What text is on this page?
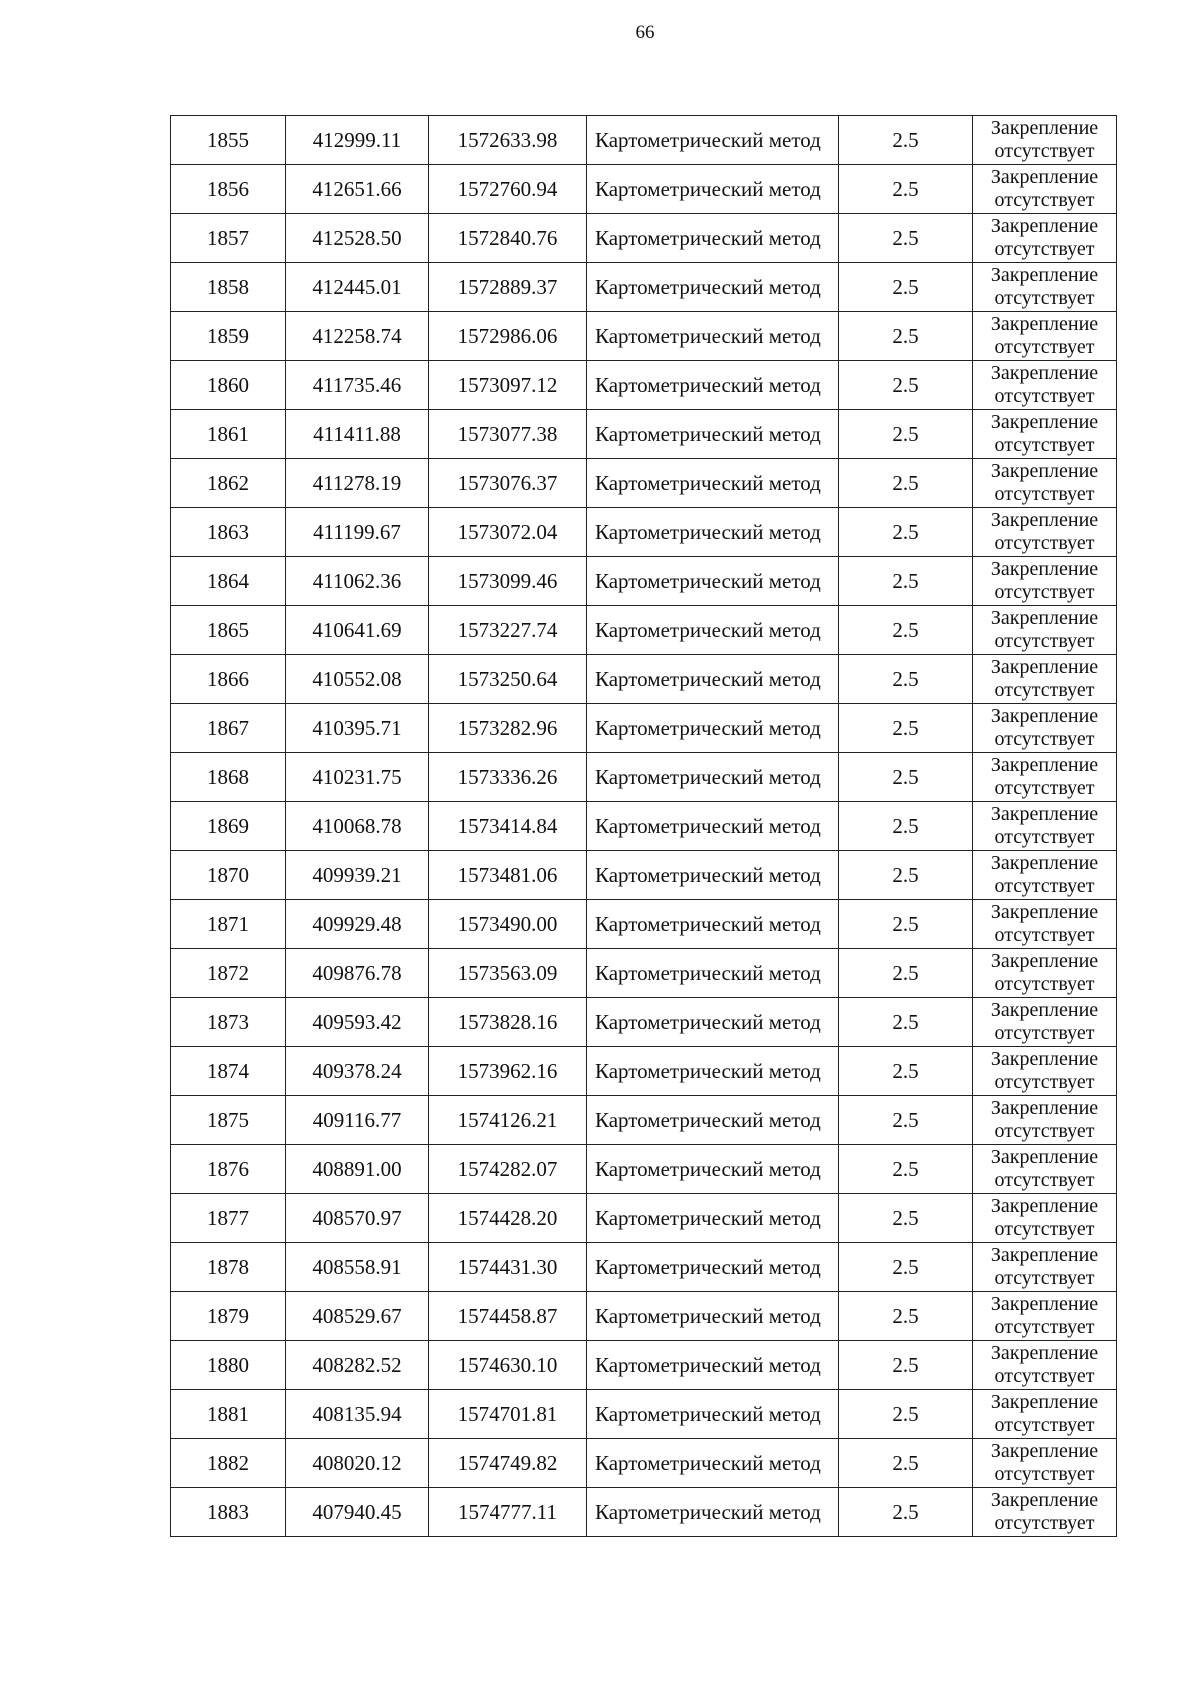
66
1855	412999.11	1572633.98	Картометрический метод	2.5	Закрепление
отсутствует
1856	412651.66	1572760.94	Картометрический метод	2.5	Закрепление
отсутствует
1857	412528.50	1572840.76	Картометрический метод	2.5	Закрепление
отсутствует
1858	412445.01	1572889.37	Картометрический метод	2.5	Закрепление
отсутствует
1859	412258.74	1572986.06	Картометрический метод	2.5	Закрепление
отсутствует
1860	411735.46	1573097.12	Картометрический метод	2.5	Закрепление
отсутствует
1861	411411.88	1573077.38	Картометрический метод	2.5	Закрепление
отсутствует
1862	411278.19	1573076.37	Картометрический метод	2.5	Закрепление
отсутствует
1863	411199.67	1573072.04	Картометрический метод	2.5	Закрепление
отсутствует
1864	411062.36	1573099.46	Картометрический метод	2.5	Закрепление
отсутствует
1865	410641.69	1573227.74	Картометрический метод	2.5	Закрепление
отсутствует
1866	410552.08	1573250.64	Картометрический метод	2.5	Закрепление
отсутствует
1867	410395.71	1573282.96	Картометрический метод	2.5	Закрепление
отсутствует
1868	410231.75	1573336.26	Картометрический метод	2.5	Закрепление
отсутствует
1869	410068.78	1573414.84	Картометрический метод	2.5	Закрепление
отсутствует
1870	409939.21	1573481.06	Картометрический метод	2.5	Закрепление
отсутствует
1871	409929.48	1573490.00	Картометрический метод	2.5	Закрепление
отсутствует
1872	409876.78	1573563.09	Картометрический метод	2.5	Закрепление
отсутствует
1873	409593.42	1573828.16	Картометрический метод	2.5	Закрепление
отсутствует
1874	409378.24	1573962.16	Картометрический метод	2.5	Закрепление
отсутствует
1875	409116.77	1574126.21	Картометрический метод	2.5	Закрепление
отсутствует
1876	408891.00	1574282.07	Картометрический метод	2.5	Закрепление
отсутствует
1877	408570.97	1574428.20	Картометрический метод	2.5	Закрепление
отсутствует
1878	408558.91	1574431.30	Картометрический метод	2.5	Закрепление
отсутствует
1879	408529.67	1574458.87	Картометрический метод	2.5	Закрепление
отсутствует
1880	408282.52	1574630.10	Картометрический метод	2.5	Закрепление
отсутствует
1881	408135.94	1574701.81	Картометрический метод	2.5	Закрепление
отсутствует
1882	408020.12	1574749.82	Картометрический метод	2.5	Закрепление
отсутствует
1883	407940.45	1574777.11	Картометрический метод	2.5	Закрепление
отсутствует
